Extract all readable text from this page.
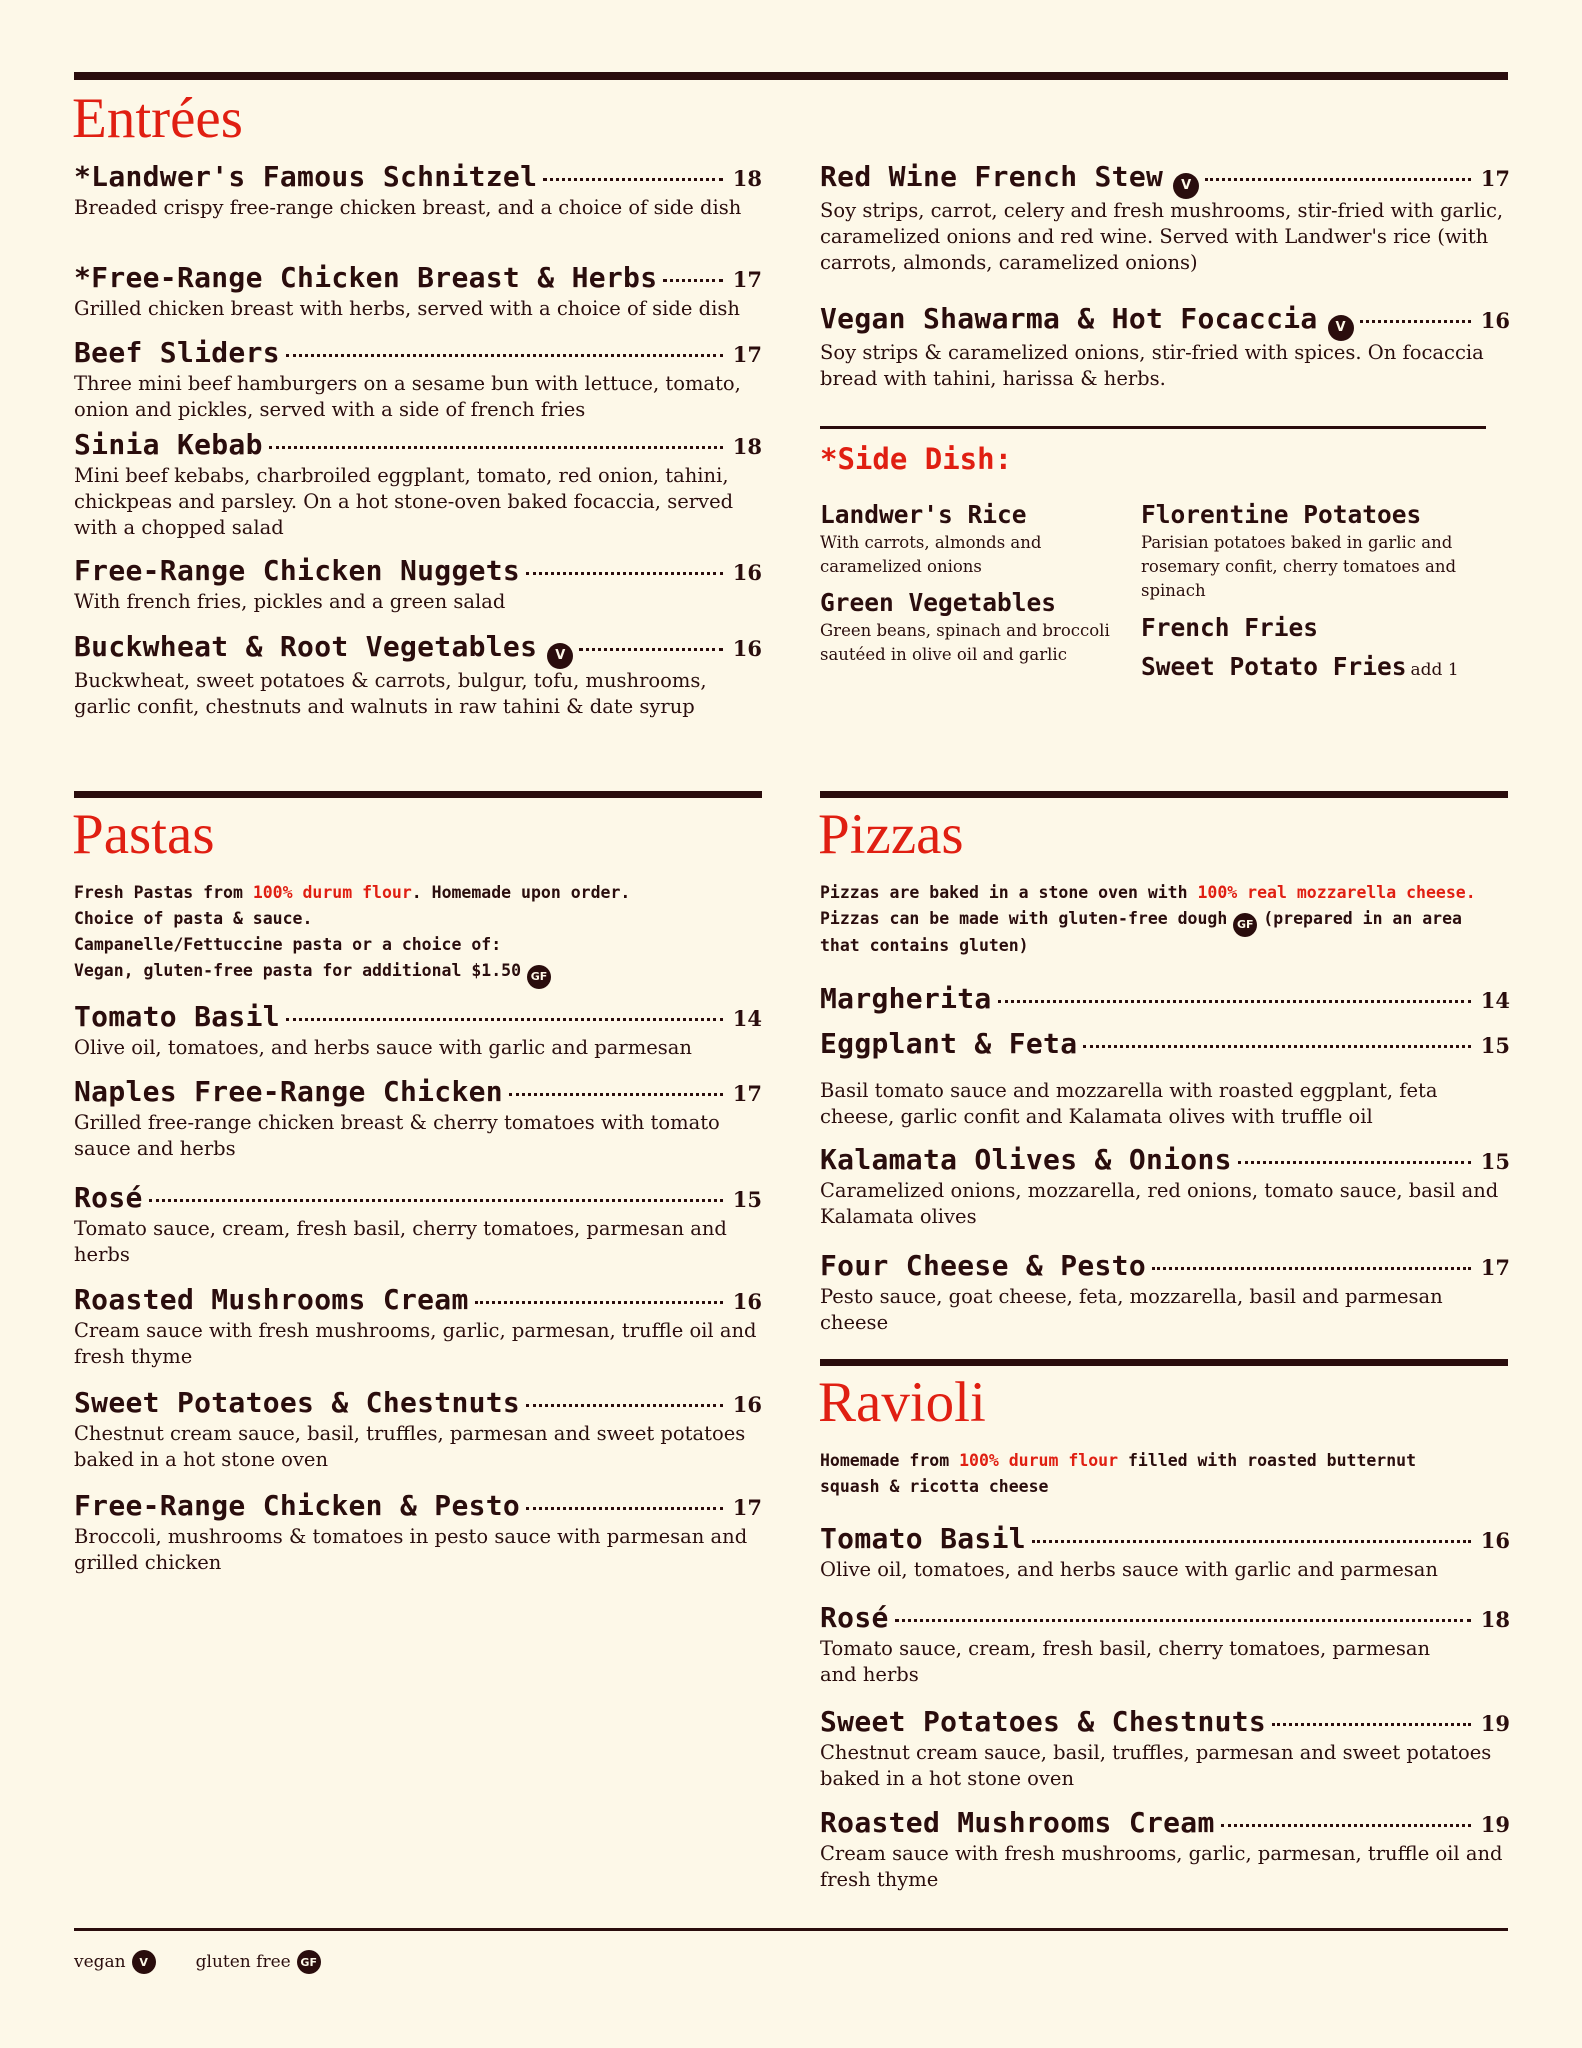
Entrées
*Landwer's Famous Schnitzel	18
Breaded crispy free-range chicken breast, and a choice of side dish
*Free-Range Chicken Breast & Herbs	17
Grilled chicken breast with herbs, served with a choice of side dish
Beef Sliders	17
Three mini beef hamburgers on a sesame bun with lettuce, tomato, onion and pickles, served with a side of french fries
Sinia Kebab	18
Mini beef kebabs, charbroiled eggplant, tomato, red onion, tahini, chickpeas and parsley. On a hot stone-oven baked focaccia, served with a chopped salad
Free-Range Chicken Nuggets	16
With french fries, pickles and a green salad
Buckwheat & Root Vegetables	V	16
Buckwheat, sweet potatoes & carrots, bulgur, tofu, mushrooms, garlic confit, chestnuts and walnuts in raw tahini & date syrup
Red Wine French Stew	V	17
Soy strips, carrot, celery and fresh mushrooms, stir-fried with garlic, caramelized onions and red wine. Served with Landwer's rice (with carrots, almonds, caramelized onions)
Vegan Shawarma & Hot Focaccia	V	16
Soy strips & caramelized onions, stir-fried with spices. On focaccia bread with tahini, harissa & herbs.
*Side Dish:
Landwer's Rice
With carrots, almonds and caramelized onions
Green Vegetables
Green beans, spinach and broccoli sautéed in olive oil and garlic
Florentine Potatoes
Parisian potatoes baked in garlic and rosemary confit, cherry tomatoes and spinach
French Fries
Sweet Potato Fries add 1
Pastas
Fresh Pastas from 100% durum flour. Homemade upon order.
Choice of pasta & sauce.
Campanelle/Fettuccine pasta or a choice of:
Vegan, gluten-free pasta for additional $1.50 GF
Tomato Basil	14
Olive oil, tomatoes, and herbs sauce with garlic and parmesan
Naples Free-Range Chicken	17
Grilled free-range chicken breast & cherry tomatoes with tomato sauce and herbs
Rosé	15
Tomato sauce, cream, fresh basil, cherry tomatoes, parmesan and herbs
Roasted Mushrooms Cream	16
Cream sauce with fresh mushrooms, garlic, parmesan, truffle oil and fresh thyme
Sweet Potatoes & Chestnuts	16
Chestnut cream sauce, basil, truffles, parmesan and sweet potatoes baked in a hot stone oven
Free-Range Chicken & Pesto	17
Broccoli, mushrooms & tomatoes in pesto sauce with parmesan and grilled chicken
Pizzas
Pizzas are baked in a stone oven with 100% real mozzarella cheese.
Pizzas can be made with gluten-free dough GF (prepared in an area
that contains gluten)
Margherita	14
Eggplant & Feta	15
Basil tomato sauce and mozzarella with roasted eggplant, feta cheese, garlic confit and Kalamata olives with truffle oil
Kalamata Olives & Onions	15
Caramelized onions, mozzarella, red onions, tomato sauce, basil and Kalamata olives
Four Cheese & Pesto	17
Pesto sauce, goat cheese, feta, mozzarella, basil and parmesan cheese
Ravioli
Homemade from 100% durum flour filled with roasted butternut
squash & ricotta cheese
Tomato Basil	16
Olive oil, tomatoes, and herbs sauce with garlic and parmesan
Rosé	18
Tomato sauce, cream, fresh basil, cherry tomatoes, parmesan and herbs
Sweet Potatoes & Chestnuts	19
Chestnut cream sauce, basil, truffles, parmesan and sweet potatoes baked in a hot stone oven
Roasted Mushrooms Cream	19
Cream sauce with fresh mushrooms, garlic, parmesan, truffle oil and fresh thyme
vegan	V	gluten free GF
